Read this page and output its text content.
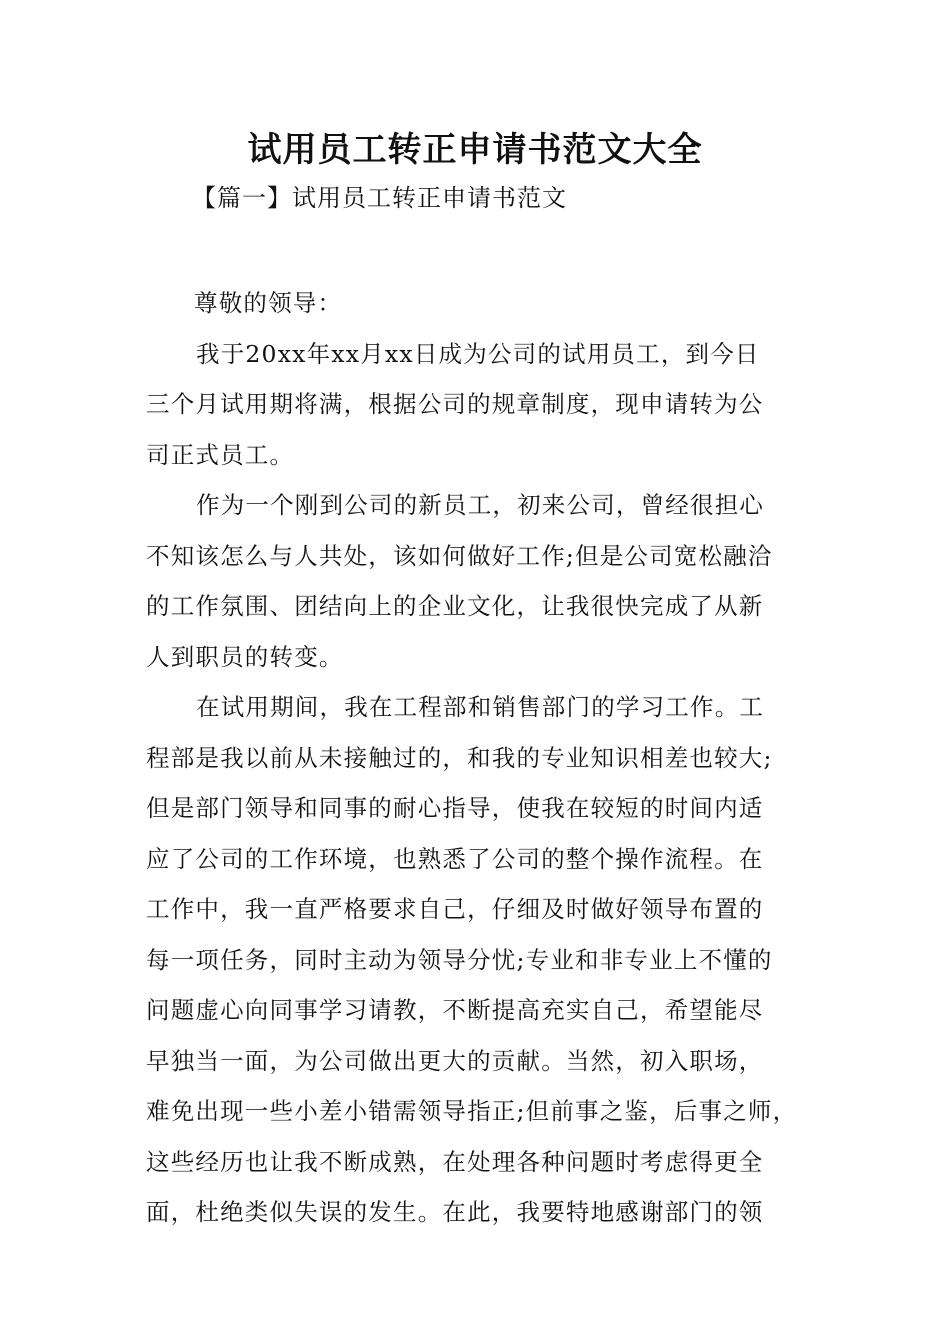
试用员工转正申请书范文大全
【篇一】试用员工转正申请书范文

尊敬的领导：

我于20xx年xx月xx日成为公司的试用员工，到今日
三个月试用期将满，根据公司的规章制度，现申请转为公
司正式员工。

作为一个刚到公司的新员工，初来公司，曾经很担心
不知该怎么与人共处，该如何做好工作;但是公司宽松融洽
的工作氛围、团结向上的企业文化，让我很快完成了从新
人到职员的转变。

在试用期间，我在工程部和销售部门的学习工作。工
程部是我以前从未接触过的，和我的专业知识相差也较大;
但是部门领导和同事的耐心指导，使我在较短的时间内适
应了公司的工作环境，也熟悉了公司的整个操作流程。在
工作中，我一直严格要求自己，仔细及时做好领导布置的
每一项任务，同时主动为领导分忧;专业和非专业上不懂的
问题虚心向同事学习请教，不断提高充实自己，希望能尽
早独当一面，为公司做出更大的贡献。当然，初入职场，
难免出现一些小差小错需领导指正;但前事之鉴，后事之师，
这些经历也让我不断成熟，在处理各种问题时考虑得更全
面，杜绝类似失误的发生。在此，我要特地感谢部门的领
